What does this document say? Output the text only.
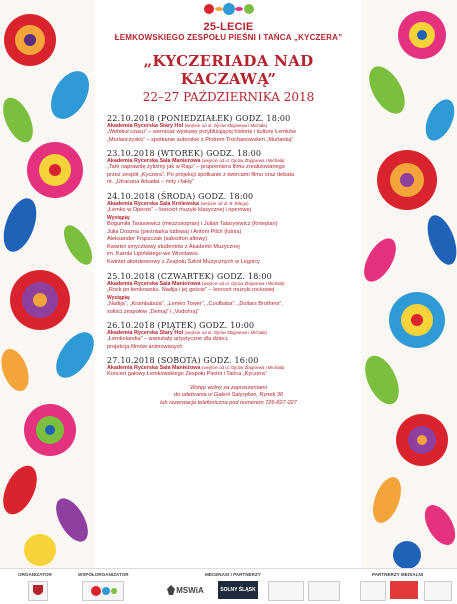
25-LECIE
ŁEMKOWSKIEGO ZESPOŁU PIEŚNI I TAŃCA „KYCZERA”
„KYCZERIADA NAD KACZAWĄ”
22–27 PAŹDZIERNIKA 2018
22.10.2018 (PONIEDZIAŁEK) GODZ. 18:00
Akademia Rycerska Stary Hol (wejście od ul. Ojców Zbigniewa i Michała)
„Wehikuł czasu” – wernisaż wystawy przybliżającej historię i kulturę Łemków
„Murlanczysko” – spotkanie autorskie z Piotrem Trochanowskim „Murlanką”
23.10.2018 (WTOREK) GODZ. 18:00
Akademia Rycerska Sala Manieżowa (wejście od ul. Ojców Zbigniewa i Michała)
„Tam naprawdę żyliśmy jak w Raju” – prapremiera filmu zrealizowanego
przez zespół „Kyczera”. Po projekcji spotkanie z twórcami filmu oraz debata
nt. „Utracona Arkadia – mity i fakty”
24.10.2018 (ŚRODA) GODZ. 18:00
Akademia Rycerska Sala Królewska (wejście od ul. B. Bilego)
„Łemko w Operze” – koncert muzyki klasycznej i operowej
Wystąpią:
Bogumiła Tarasiewicz (mezzosopran) i Julian Tataryniwicz (fortepian)
Julia Doszna (pieśniarka ludowa) i Antoni Pilch (lutnia)
Aleksander Frąszczak (saksofon altowy)
Kwartet smyczkowy studentów z Akademii Muzycznej
im. Karola Lipińskiego we Wrocławiu
Kwintet akordeonowy z Zespołu Szkół Muzycznych w Legnicy
25.10.2018 (CZWARTEK) GODZ. 18:00
Akademia Rycerska Sala Manieżowa (wejście od ul. Ojców Zbigniewa i Michała)
„Rock po łemkowsku. Nadija i jej goście” – koncert muzyki rockowej
Wystąpią:
„Nadija”, „Krambabula”, „Lemko Tower”, „Coolbaba”, „Dollars Brothers”,
soliści zespołów „Demaj” i „Vodohraj”
26.10.2018 (PIĄTEK) GODZ. 10:00
Akademia Rycerska Stary Hol (wejście od ul. Ojców Zbigniewa i Michała)
„Łemkolandia” – warsztaty artystyczne dla dzieci,
projekcja filmów animowanych
27.10.2018 (SOBOTA) GODZ. 16:00
Akademia Rycerska Sala Manieżowa (wejście od ul. Ojców Zbigniewa i Michała)
Koncert galowy Łemkowskiego Zespołu Pieśni i Tańca „Kyczera”
Wstęp wolny za zaproszeniami
do odebrania w Galerii Satyrykon, Rynek 36
lub rezerwacja telefoniczna pod numerem 726-827-227
ORGANIZATOR	WSPÓŁORGANIZATOR	MECENASI I PARTNERZY
MSWiA	SOLNY ŚLĄSK
PARTNERZY MEDIALNI
